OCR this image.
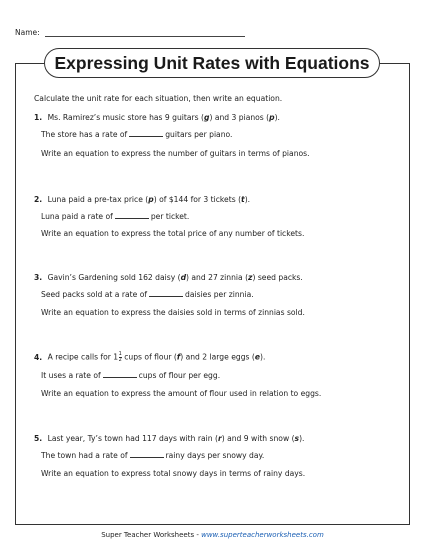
Name:
Expressing Unit Rates with Equations
Calculate the unit rate for each situation, then write an equation.
1. Ms. Ramirez’s music store has 9 guitars (g) and 3 pianos (p).
The store has a rate of	guitars per piano.
Write an equation to express the number of guitars in terms of pianos.
2. Luna paid a pre-tax price (p) of $144 for 3 tickets (t).
Luna paid a rate of	per ticket.
Write an equation to express the total price of any number of tickets.
3. Gavin’s Gardening sold 162 daisy (d) and 27 zinnia (z) seed packs.
Seed packs sold at a rate of	daisies per zinnia.
Write an equation to express the daisies sold in terms of zinnias sold.
4. A recipe calls for $1 \frac{1}{2}$ cups of flour (f) and 2 large eggs (e).
It uses a rate of	cups of flour per egg.
Write an equation to express the amount of flour used in relation to eggs.
5. Last year, Ty’s town had 117 days with rain (r) and 9 with snow (s).
The town had a rate of	rainy days per snowy day.
Write an equation to express total snowy days in terms of rainy days.
Super Teacher Worksheets - www.superteacherworksheets.com
